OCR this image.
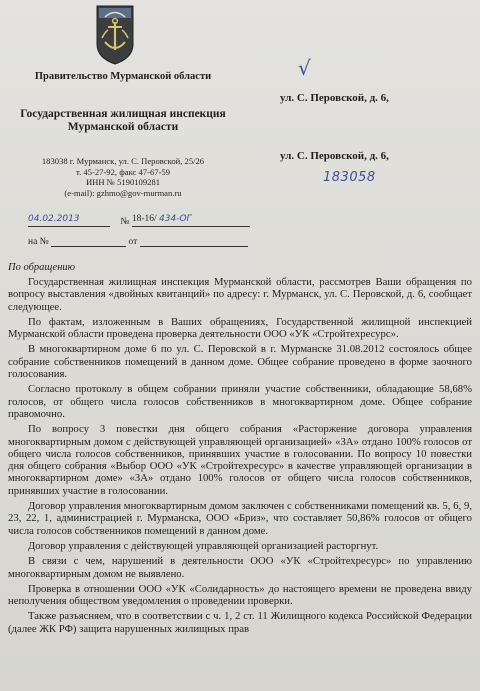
Правительство Мурманской области
Государственная жилищная инспекция Мурманской области
183038 г. Мурманск, ул. С. Перовской, 25/26
т. 45-27-92, факс 47-67-59
ИНН № 5190109281
(e-mail): gzhmo@gov-murman.ru
√
ул. С. Перовской, д. 6,
ул. С. Перовской, д. 6,
183058
04.02.2013	№ 18-16/ 434-ОГ
на №	от
По обращению

Государственная жилищная инспекция Мурманской области, рассмотрев Ваши обращения по вопросу выставления «двойных квитанций» по адресу: г. Мурманск, ул. С. Перовской, д. 6, сообщает следующее.

По фактам, изложенным в Ваших обращениях, Государственной жилищной инспекцией Мурманской области проведена проверка деятельности ООО «УК «Стройтехресурс».

В многоквартирном доме 6 по ул. С. Перовской в г. Мурманске 31.08.2012 состоялось общее собрание собственников помещений в данном доме. Общее собрание проведено в форме заочного голосования.

Согласно протоколу в общем собрании приняли участие собственники, обладающие 58,68% голосов, от общего числа голосов собственников в многоквартирном доме. Общее собрание правомочно.

По вопросу 3 повестки дня общего собрания «Расторжение договора управления многоквартирным домом с действующей управляющей организацией» «ЗА» отдано 100% голосов от общего числа голосов собственников, принявших участие в голосовании. По вопросу 10 повестки дня общего собрания «Выбор ООО «УК «Стройтехресурс» в качестве управляющей организации в многоквартирном доме» «ЗА» отдано 100% голосов от общего числа голосов собственников, принявших участие в голосовании.

Договор управления многоквартирным домом заключен с собственниками помещений кв. 5, 6, 9, 23, 22, 1, администрацией г. Мурманска, ООО «Бриз», что составляет 50,86% голосов от общего числа голосов собственников помещений в данном доме.

Договор управления с действующей управляющей организацией расторгнут.

В связи с чем, нарушений в деятельности ООО «УК «Стройтехресурс» по управлению многоквартирным домом не выявлено.

Проверка в отношении ООО «УК «Солидарность» до настоящего времени не проведена ввиду неполучения обществом уведомления о проведении проверки.

Также разъясняем, что в соответствии с ч. 1, 2 ст. 11 Жилищного кодекса Российской Федерации (далее ЖК РФ) защита нарушенных жилищных прав
